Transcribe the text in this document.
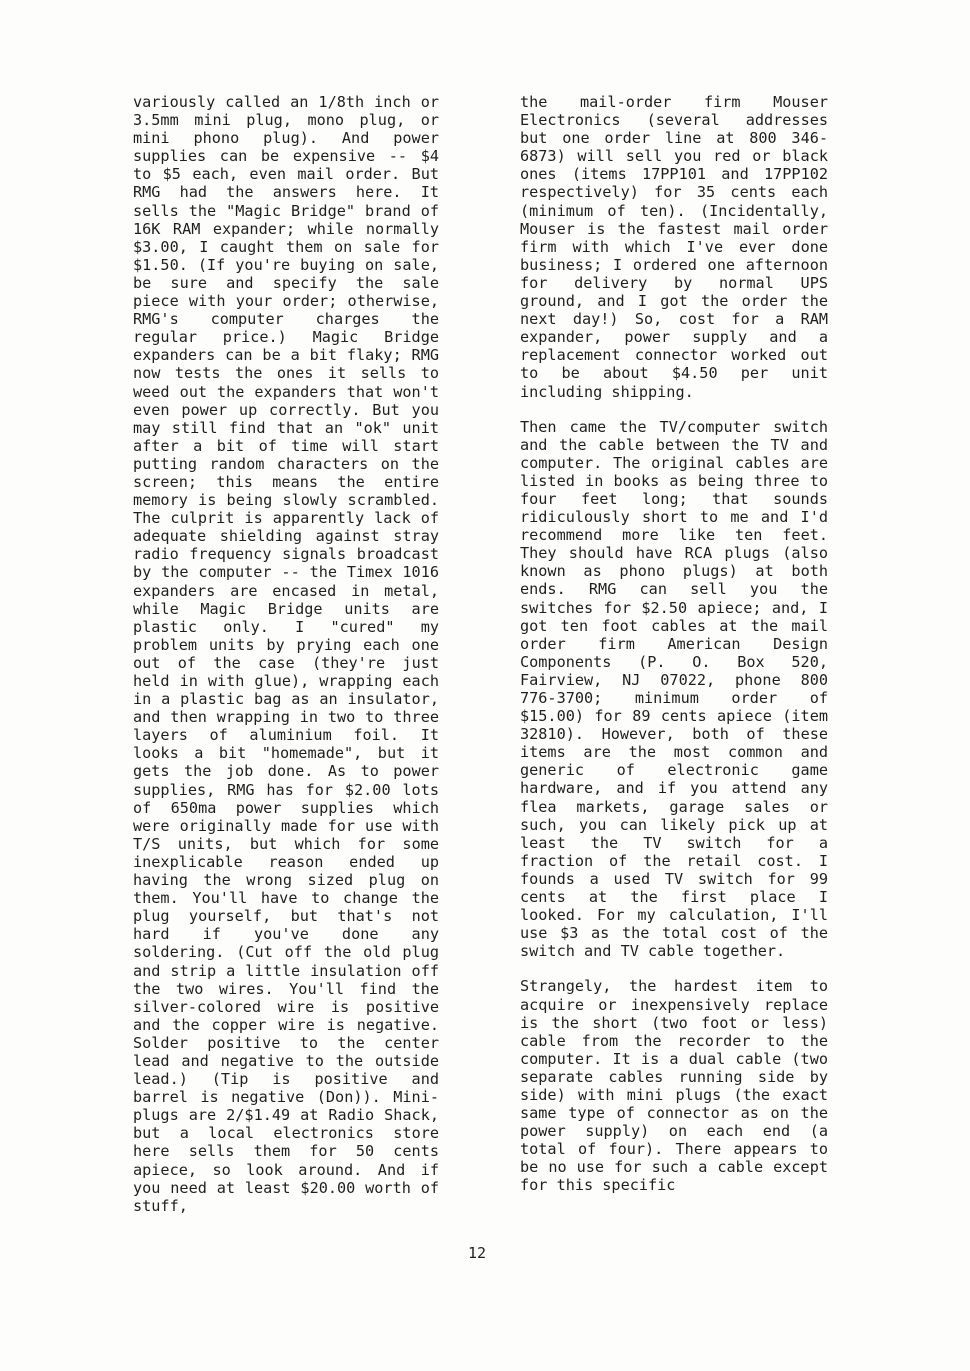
variously called an 1/8th inch or 3.5mm mini plug, mono plug, or mini phono plug). And power supplies can be expensive -- $4 to $5 each, even mail order. But RMG had the answers here. It sells the "Magic Bridge" brand of 16K RAM expander; while normally $3.00, I caught them on sale for $1.50. (If you're buying on sale, be sure and specify the sale piece with your order; otherwise, RMG's computer charges the regular price.) Magic Bridge expanders can be a bit flaky; RMG now tests the ones it sells to weed out the expanders that won't even power up correctly. But you may still find that an "ok" unit after a bit of time will start putting random characters on the screen; this means the entire memory is being slowly scrambled. The culprit is apparently lack of adequate shielding against stray radio frequency signals broadcast by the computer -- the Timex 1016 expanders are encased in metal, while Magic Bridge units are plastic only. I "cured" my problem units by prying each one out of the case (they're just held in with glue), wrapping each in a plastic bag as an insulator, and then wrapping in two to three layers of aluminium foil. It looks a bit "homemade", but it gets the job done. As to power supplies, RMG has for $2.00 lots of 650ma power supplies which were originally made for use with T/S units, but which for some inexplicable reason ended up having the wrong sized plug on them. You'll have to change the plug yourself, but that's not hard if you've done any soldering. (Cut off the old plug and strip a little insulation off the two wires. You'll find the silver-colored wire is positive and the copper wire is negative. Solder positive to the center lead and negative to the outside lead.) (Tip is positive and barrel is negative (Don)). Mini-plugs are 2/$1.49 at Radio Shack, but a local electronics store here sells them for 50 cents apiece, so look around. And if you need at least $20.00 worth of stuff,

12

the mail-order firm Mouser Electronics (several addresses but one order line at 800 346-6873) will sell you red or black ones (items 17PP101 and 17PP102 respectively) for 35 cents each (minimum of ten). (Incidentally, Mouser is the fastest mail order firm with which I've ever done business; I ordered one afternoon for delivery by normal UPS ground, and I got the order the next day!) So, cost for a RAM expander, power supply and a replacement connector worked out to be about $4.50 per unit including shipping.

Then came the TV/computer switch and the cable between the TV and computer. The original cables are listed in books as being three to four feet long; that sounds ridiculously short to me and I'd recommend more like ten feet. They should have RCA plugs (also known as phono plugs) at both ends. RMG can sell you the switches for $2.50 apiece; and, I got ten foot cables at the mail order firm American Design Components (P. O. Box 520, Fairview, NJ 07022, phone 800 776-3700; minimum order of $15.00) for 89 cents apiece (item 32810). However, both of these items are the most common and generic of electronic game hardware, and if you attend any flea markets, garage sales or such, you can likely pick up at least the TV switch for a fraction of the retail cost. I founds a used TV switch for 99 cents at the first place I looked. For my calculation, I'll use $3 as the total cost of the switch and TV cable together.

Strangely, the hardest item to acquire or inexpensively replace is the short (two foot or less) cable from the recorder to the computer. It is a dual cable (two separate cables running side by side) with mini plugs (the exact same type of connector as on the power supply) on each end (a total of four). There appears to be no use for such a cable except for this specific
